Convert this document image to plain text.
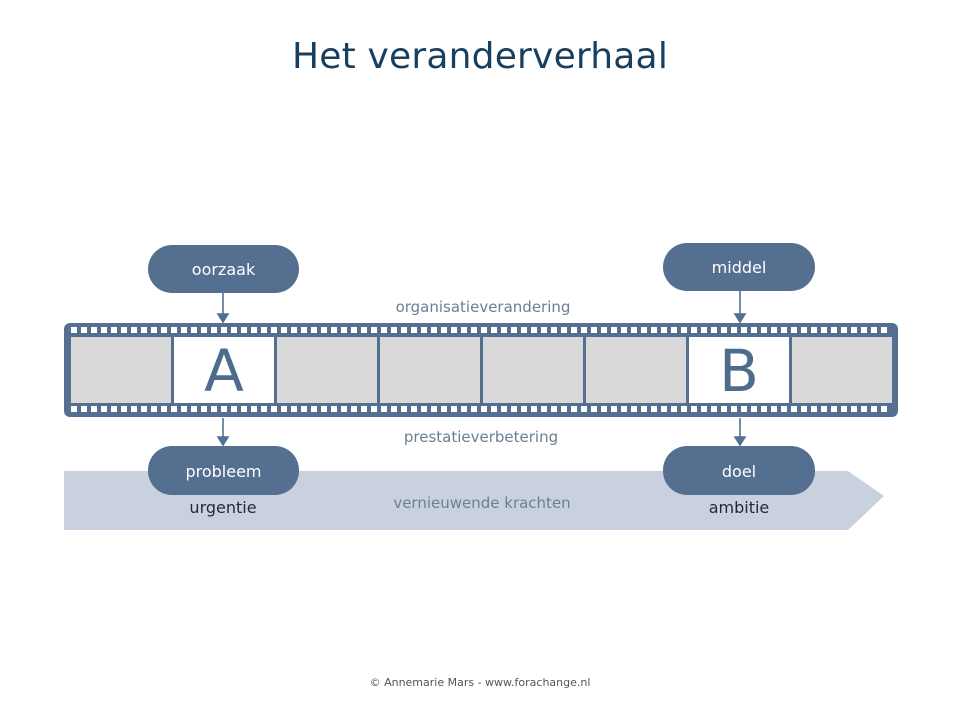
Het veranderverhaal
vernieuwende krachten
A	B
oorzaak	middel
probleem	doel
organisatieverandering
prestatieverbetering
urgentie	ambitie
© Annemarie Mars - www.forachange.nl
